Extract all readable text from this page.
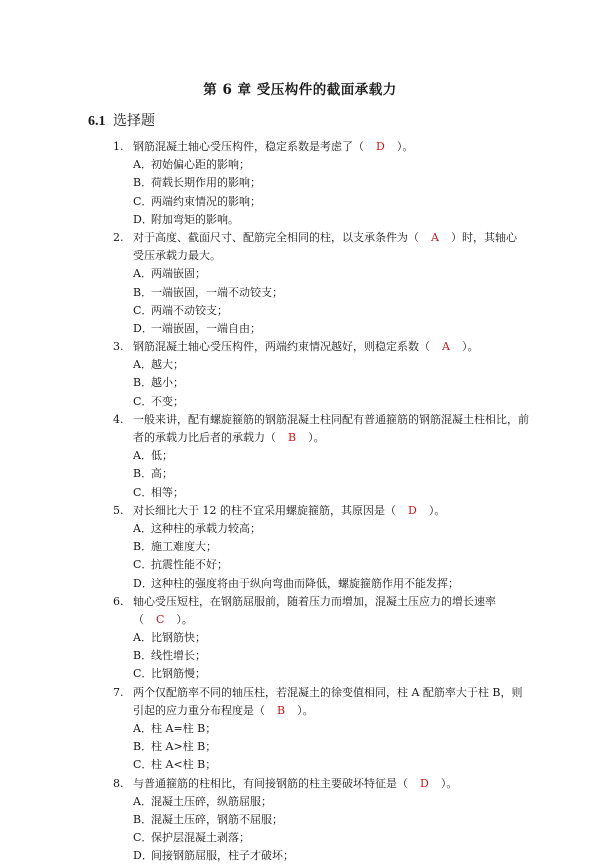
第 6 章 受压构件的截面承载力
6.1 选择题
1. 钢筋混凝土轴心受压构件，稳定系数是考虑了（ D ）。
A． 初始偏心距的影响；
B．
荷载长期作用的影响；
C．
两端约束情况的影响；
D．
附加弯矩的影响。
2. 对于高度、截面尺寸、配筋完全相同的柱，以支承条件为（ A ）时，其轴心
受压承载力最大。
A． 两端嵌固；
B．
一端嵌固，一端不动铰支；
C．
两端不动铰支；
D．
一端嵌固，一端自由；
3. 钢筋混凝土轴心受压构件，两端约束情况越好，则稳定系数（ A ）。
A． 越大；
B．
越小；
C．
不变；
4. 一般来讲，配有螺旋箍筋的钢筋混凝土柱同配有普通箍筋的钢筋混凝土柱相比，前
者的承载力比后者的承载力（ B ）。
A． 低；
B．
高；
C．
相等；
5. 对长细比大于 12 的柱不宜采用螺旋箍筋，其原因是（ D ）。
A． 这种柱的承载力较高；
B．
施工难度大；
C．
抗震性能不好；
D．
这种柱的强度将由于纵向弯曲而降低，螺旋箍筋作用不能发挥；
6. 轴心受压短柱，在钢筋屈服前，随着压力而增加，混凝土压应力的增长速率
（ C ）。
A． 比钢筋快；
B．
线性增长；
C．
比钢筋慢；
7. 两个仅配筋率不同的轴压柱，若混凝土的徐变值相同，柱 A 配筋率大于柱 B，则
引起的应力重分布程度是（ B ）。
A． 柱 A=柱 B；
B．
柱 A>柱 B；
C．
柱 A<柱 B；
8. 与普通箍筋的柱相比，有间接钢筋的柱主要破坏特征是（ D ）。
A． 混凝土压碎，纵筋屈服；
B．
混凝土压碎，钢筋不屈服；
C．
保护层混凝土剥落；
D．
间接钢筋屈服，柱子才破坏；
